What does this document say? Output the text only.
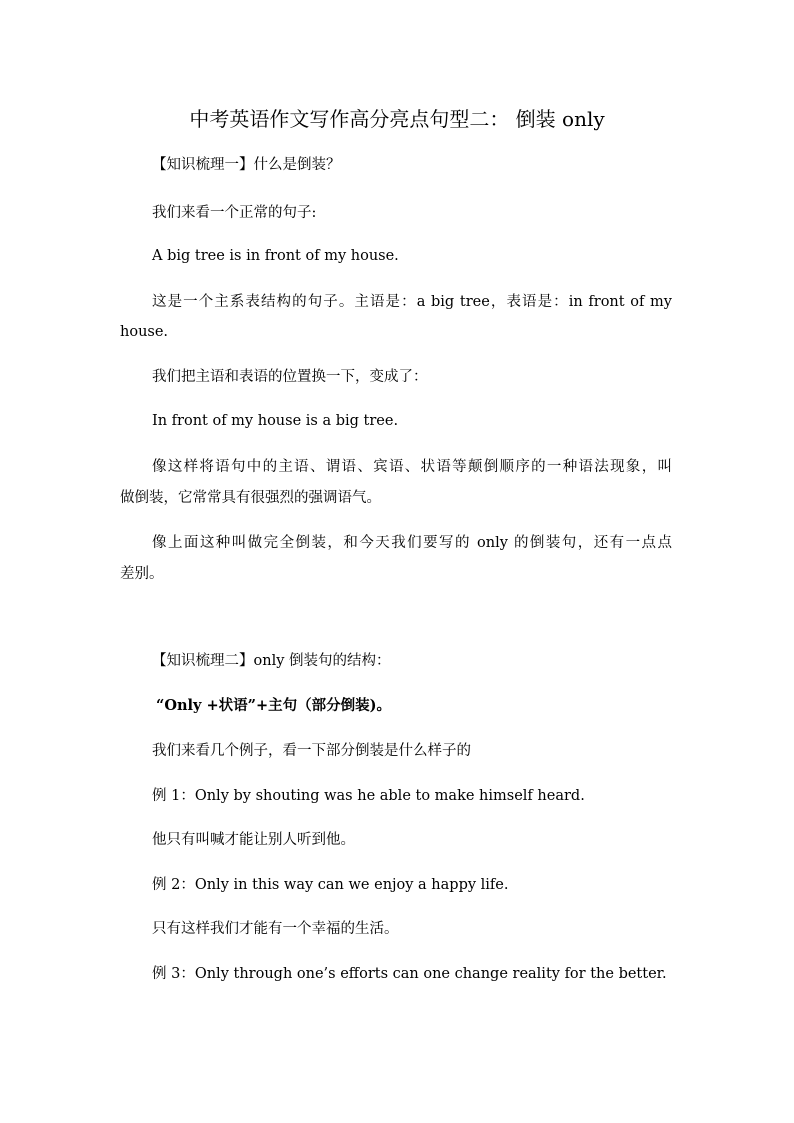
中考英语作文写作高分亮点句型二： 倒装 only
【知识梳理一】什么是倒装？
我们来看一个正常的句子:
A big tree is in front of my house.
这是一个主系表结构的句子。主语是：a big tree，表语是：in front of my
house.
我们把主语和表语的位置换一下，变成了：
In front of my house is a big tree.
像这样将语句中的主语、谓语、宾语、状语等颠倒顺序的一种语法现象，叫
做倒装，它常常具有很强烈的强调语气。
像上面这种叫做完全倒装，和今天我们要写的 only 的倒装句，还有一点点
差别。
【知识梳理二】only 倒装句的结构：
“Only +状语”+主句（部分倒装)。
我们来看几个例子，看一下部分倒装是什么样子的
例 1：Only by shouting was he able to make himself heard.
他只有叫喊才能让别人听到他。
例 2：Only in this way can we enjoy a happy life.
只有这样我们才能有一个幸福的生活。
例 3：Only through one’s efforts can one change reality for the better.
